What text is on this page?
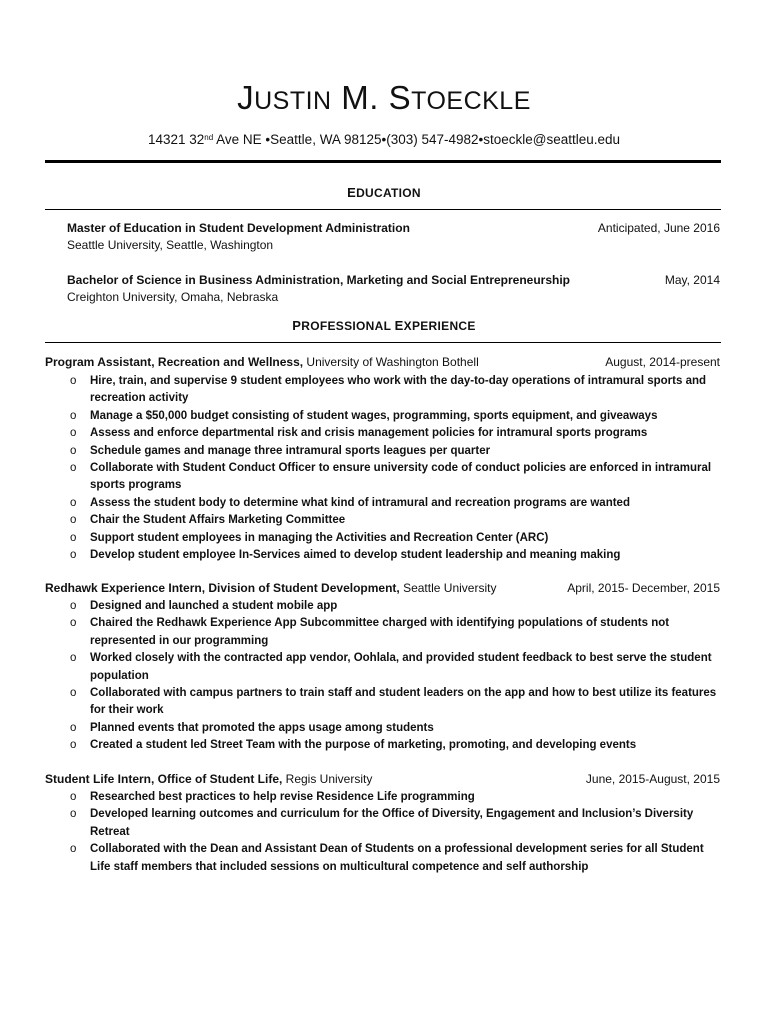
JUSTIN M. STOECKLE
14321 32nd Ave NE •Seattle, WA 98125•(303) 547-4982•stoeckle@seattleu.edu
EDUCATION
Master of Education in Student Development Administration	Anticipated, June 2016
Seattle University, Seattle, Washington
Bachelor of Science in Business Administration, Marketing and Social Entrepreneurship	May, 2014
Creighton University, Omaha, Nebraska
PROFESSIONAL EXPERIENCE
Program Assistant, Recreation and Wellness, University of Washington Bothell	August, 2014-present
o Hire, train, and supervise 9 student employees who work with the day-to-day operations of intramural sports and recreation activity
o Manage a $50,000 budget consisting of student wages, programming, sports equipment, and giveaways
o Assess and enforce departmental risk and crisis management policies for intramural sports programs
o Schedule games and manage three intramural sports leagues per quarter
o Collaborate with Student Conduct Officer to ensure university code of conduct policies are enforced in intramural sports programs
o Assess the student body to determine what kind of intramural and recreation programs are wanted
o Chair the Student Affairs Marketing Committee
o Support student employees in managing the Activities and Recreation Center (ARC)
o Develop student employee In-Services aimed to develop student leadership and meaning making
Redhawk Experience Intern, Division of Student Development, Seattle University	April, 2015- December, 2015
o Designed and launched a student mobile app
o Chaired the Redhawk Experience App Subcommittee charged with identifying populations of students not represented in our programming
o Worked closely with the contracted app vendor, Oohlala, and provided student feedback to best serve the student population
o Collaborated with campus partners to train staff and student leaders on the app and how to best utilize its features for their work
o Planned events that promoted the apps usage among students
o Created a student led Street Team with the purpose of marketing, promoting, and developing events
Student Life Intern, Office of Student Life, Regis University	June, 2015-August, 2015
o Researched best practices to help revise Residence Life programming
o Developed learning outcomes and curriculum for the Office of Diversity, Engagement and Inclusion’s Diversity Retreat
o Collaborated with the Dean and Assistant Dean of Students on a professional development series for all Student Life staff members that included sessions on multicultural competence and self authorship
